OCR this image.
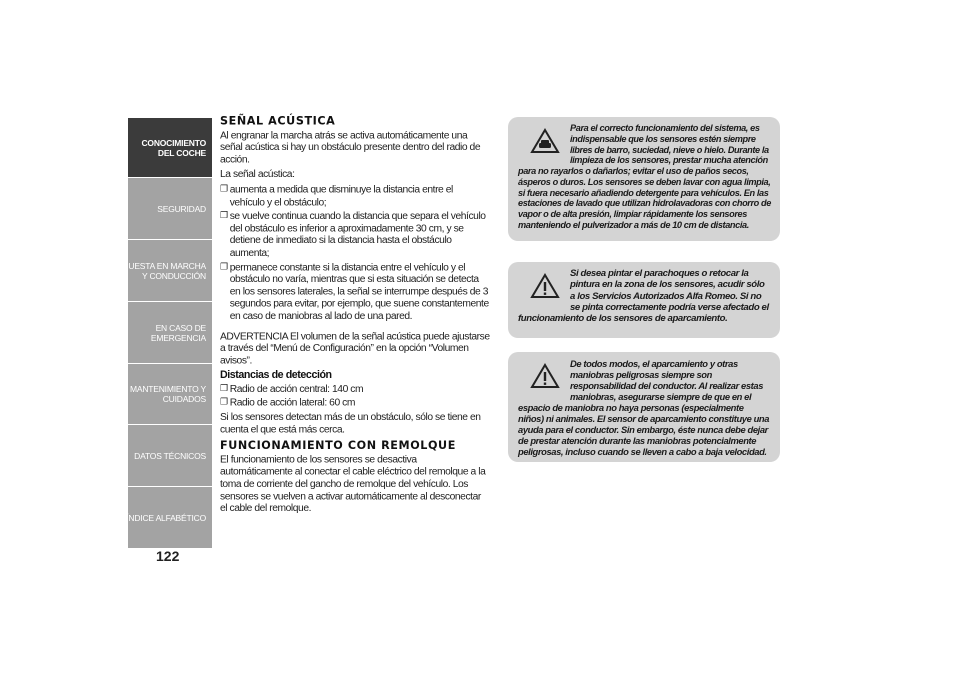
CONOCIMIENTO
DEL COCHE
SEGURIDAD
PUESTA EN MARCHA
Y CONDUCCIÓN
EN CASO DE
EMERGENCIA
MANTENIMIENTO Y
CUIDADOS
DATOS TÉCNICOS
ÍNDICE ALFABÉTICO
122
SEÑAL ACÚSTICA

Al engranar la marcha atrás se activa automáticamente una señal acústica si hay un obstáculo presente dentro del radio de acción.

La señal acústica:

❒ aumenta a medida que disminuye la distancia entre el vehículo y el obstáculo;
❒ se vuelve continua cuando la distancia que separa el vehículo del obstáculo es inferior a aproximadamente 30 cm, y se detiene de inmediato si la distancia hasta el obstáculo aumenta;
❒ permanece constante si la distancia entre el vehículo y el obstáculo no varía, mientras que si esta situación se detecta en los sensores laterales, la señal se interrumpe después de 3 segundos para evitar, por ejemplo, que suene constantemente en caso de maniobras al lado de una pared.

ADVERTENCIA El volumen de la señal acústica puede ajustarse a través del “Menú de Configuración” en la opción “Volumen avisos”.

Distancias de detección
❒ Radio de acción central: 140 cm
❒ Radio de acción lateral: 60 cm

Si los sensores detectan más de un obstáculo, sólo se tiene en cuenta el que está más cerca.

FUNCIONAMIENTO CON REMOLQUE

El funcionamiento de los sensores se desactiva automáticamente al conectar el cable eléctrico del remolque a la toma de corriente del gancho de remolque del vehículo. Los sensores se vuelven a activar automáticamente al desconectar el cable del remolque.

Para el correcto funcionamiento del sistema, es indispensable que los sensores estén siempre libres de barro, suciedad, nieve o hielo. Durante la limpieza de los sensores, prestar mucha atención para no rayarlos o dañarlos; evitar el uso de paños secos, ásperos o duros. Los sensores se deben lavar con agua limpia, si fuera necesario añadiendo detergente para vehículos. En las estaciones de lavado que utilizan hidrolavadoras con chorro de vapor o de alta presión, limpiar rápidamente los sensores manteniendo el pulverizador a más de 10 cm de distancia.
Si desea pintar el parachoques o retocar la pintura en la zona de los sensores, acudir sólo a los Servicios Autorizados Alfa Romeo. Si no se pinta correctamente podría verse afectado el funcionamiento de los sensores de aparcamiento.
De todos modos, el aparcamiento y otras maniobras peligrosas siempre son responsabilidad del conductor. Al realizar estas maniobras, asegurarse siempre de que en el espacio de maniobra no haya personas (especialmente niños) ni animales. El sensor de aparcamiento constituye una ayuda para el conductor. Sin embargo, éste nunca debe dejar de prestar atención durante las maniobras potencialmente peligrosas, incluso cuando se lleven a cabo a baja velocidad.
